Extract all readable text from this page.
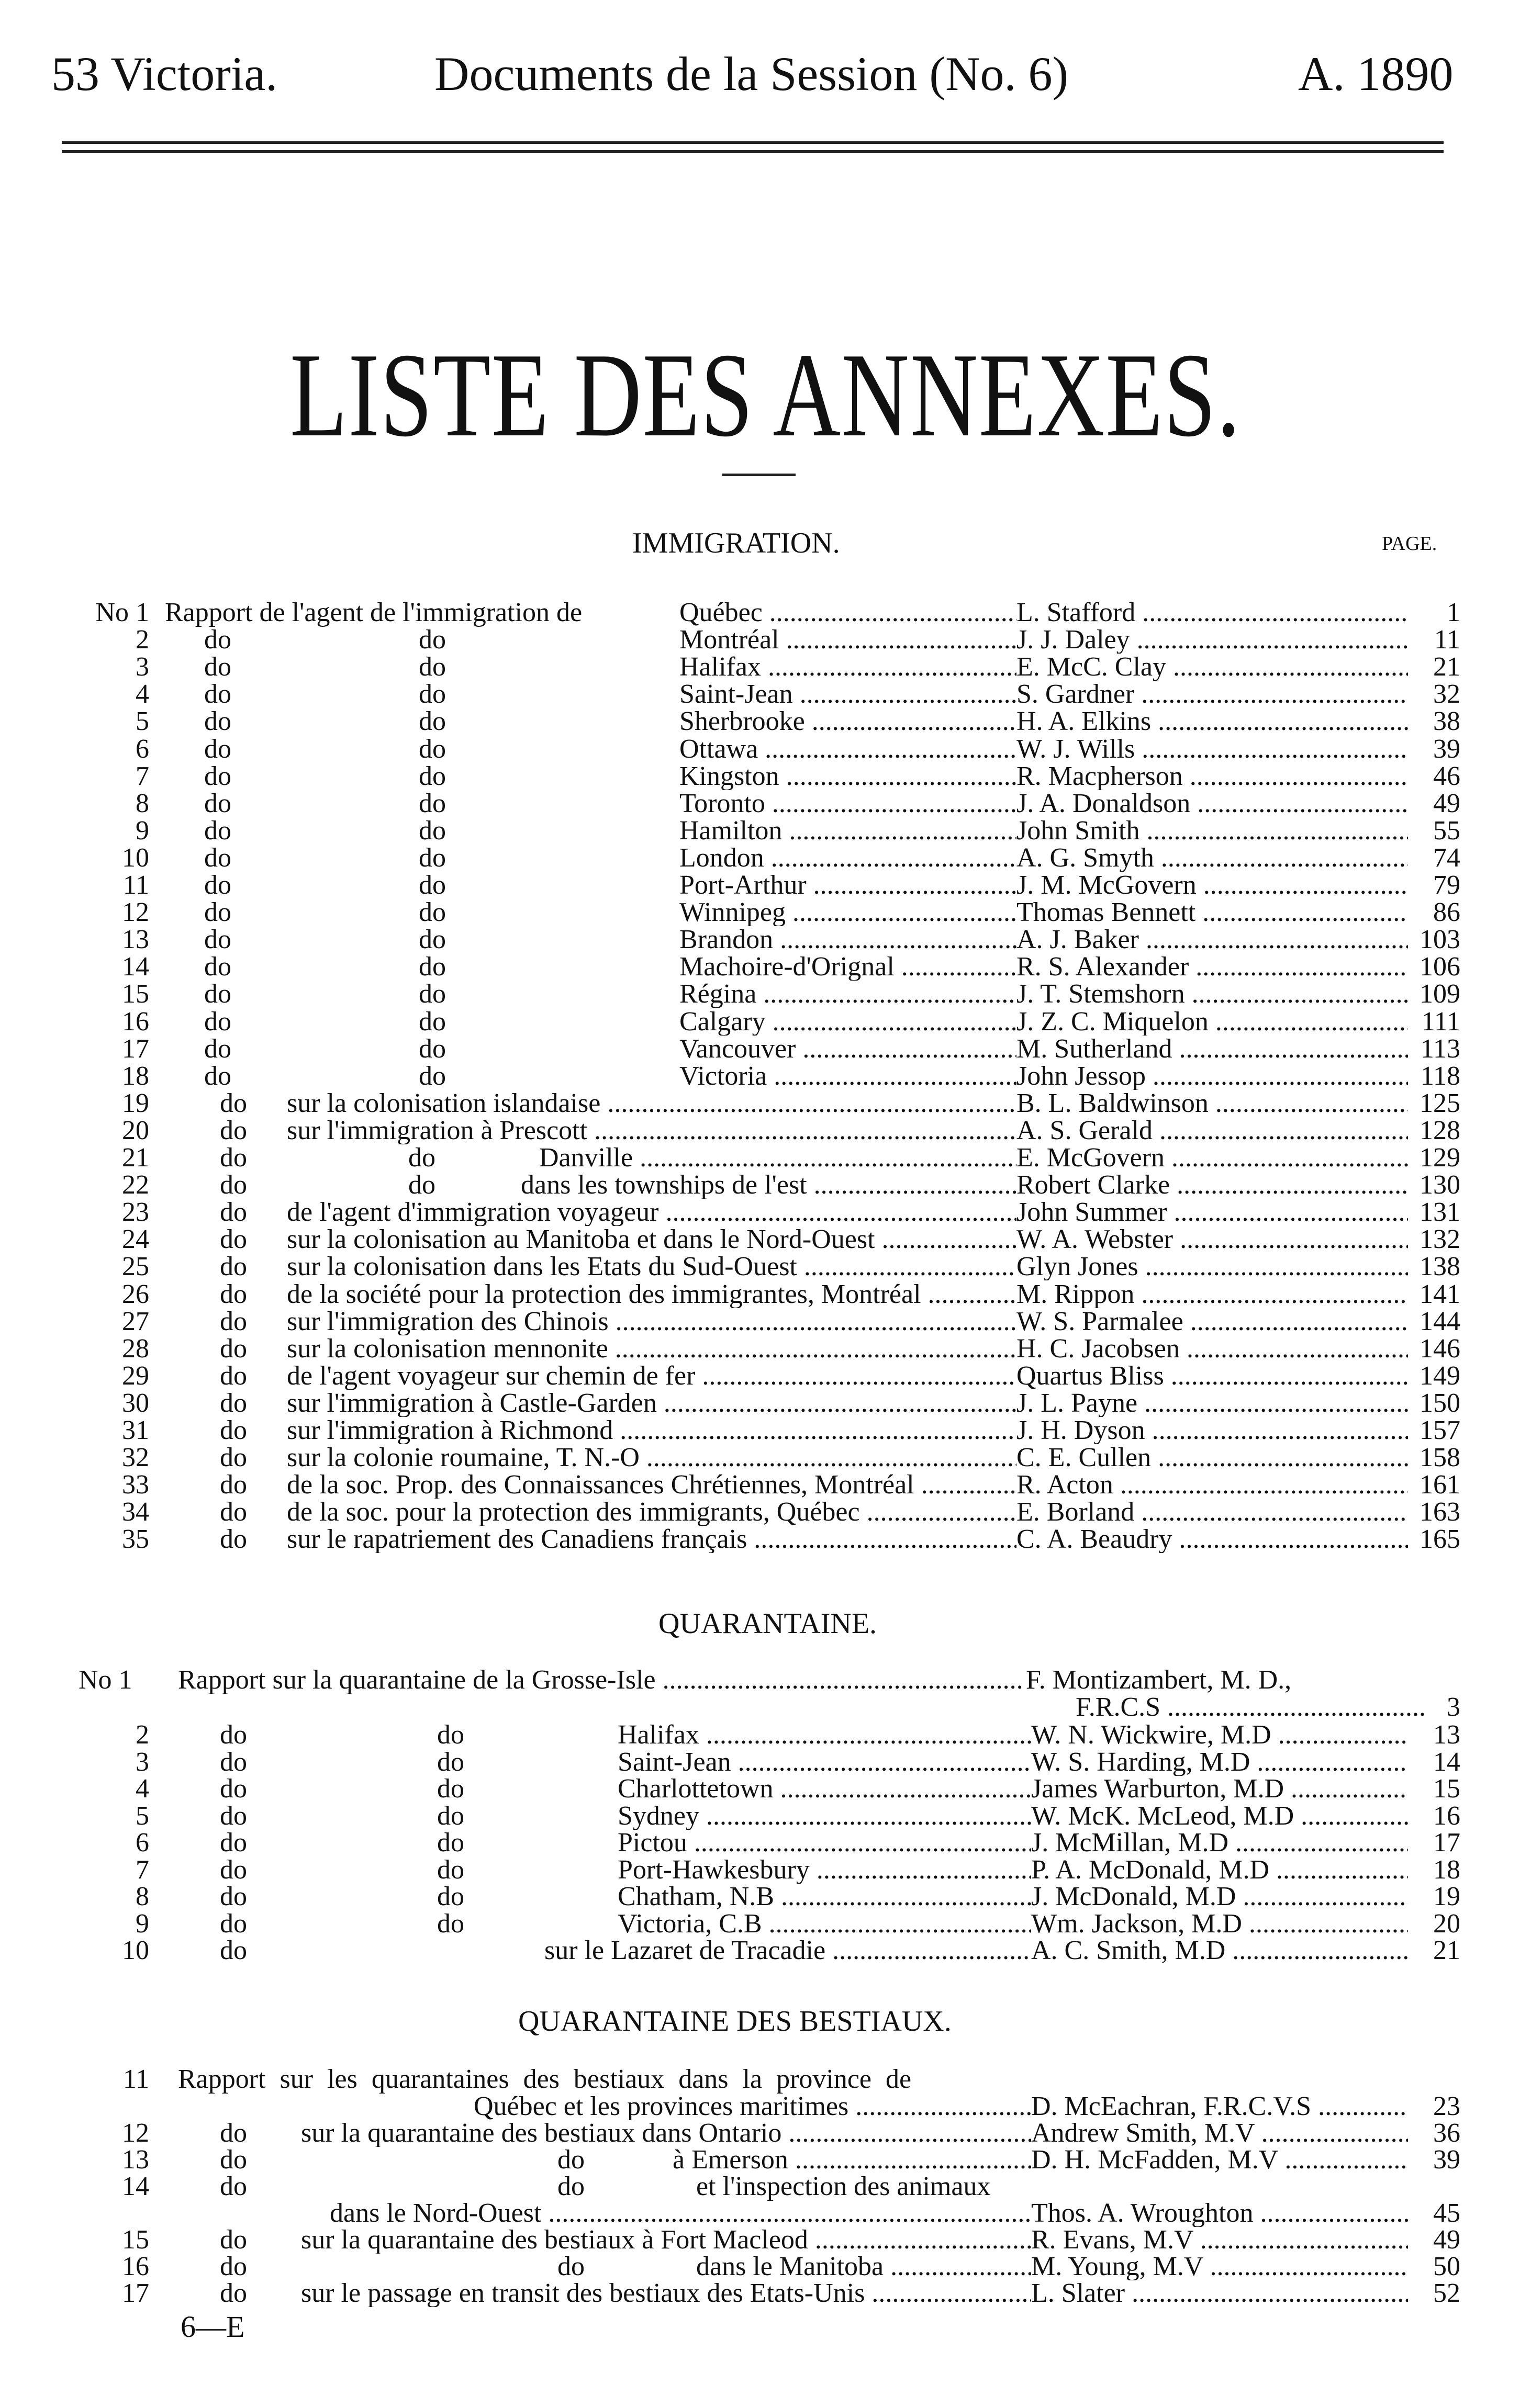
53 Victoria.	Documents de la Session (No. 6)	A. 1890
LISTE DES ANNEXES.
IMMIGRATION.	PAGE.
No 1 Rapport de l'agent de l'immigration de	Québec .....	L. Stafford .....	1
2 do	do	Montréal .....	J. J. Daley .....	11
3 do	do	Halifax .....	E. McC. Clay .....	21
4 do	do	Saint-Jean .....	S. Gardner .....	32
5 do	do	Sherbrooke .....	H. A. Elkins .....	38
6 do	do	Ottawa .....	W. J. Wills .....	39
7 do	do	Kingston .....	R. Macpherson .....	46
8 do	do	Toronto .....	J. A. Donaldson .....	49
9 do	do	Hamilton .....	John Smith .....	55
10 do	do	London .....	A. G. Smyth .....	74
11 do	do	Port-Arthur .....	J. M. McGovern .....	79
12 do	do	Winnipeg .....	Thomas Bennett .....	86
13 do	do	Brandon .....	A. J. Baker .....	103
14 do	do	Machoire-d'Orignal .....	R. S. Alexander .....	106
15 do	do	Régina .....	J. T. Stemshorn .....	109
16 do	do	Calgary .....	J. Z. C. Miquelon .....	111
17 do	do	Vancouver .....	M. Sutherland .....	113
18 do	do	Victoria .....	John Jessop .....	118
19	do sur la colonisation islandaise .....	B. L. Baldwinson .....	125
20	do sur l'immigration à Prescott .....	A. S. Gerald .....	128
21	do	do	Danville .....	E. McGovern .....	129
22	do	do	dans les townships de l'est .....	Robert Clarke .....	130
23	do de l'agent d'immigration voyageur .....	John Summer .....	131
24	do sur la colonisation au Manitoba et dans le Nord-Ouest .....	W. A. Webster .....	132
25	do sur la colonisation dans les Etats du Sud-Ouest .....	Glyn Jones .....	138
26	do de la société pour la protection des immigrantes, Montréal .....	M. Rippon .....	141
27	do sur l'immigration des Chinois .....	W. S. Parmalee .....	144
28	do sur la colonisation mennonite .....	H. C. Jacobsen .....	146
29	do de l'agent voyageur sur chemin de fer .....	Quartus Bliss .....	149
30	do sur l'immigration à Castle-Garden .....	J. L. Payne .....	150
31	do sur l'immigration à Richmond .....	J. H. Dyson .....	157
32	do sur la colonie roumaine, T. N.-O .....	C. E. Cullen .....	158
33	do de la soc. Prop. des Connaissances Chrétiennes, Montréal .....	R. Acton .....	161
34	do de la soc. pour la protection des immigrants, Québec .....	E. Borland .....	163
35	do sur le rapatriement des Canadiens français .....	C. A. Beaudry .....	165
QUARANTAINE.
No 1 Rapport sur la quarantaine de la Grosse-Isle .....	F. Montizambert, M. D.,
F.R.C.S .....	3
2	do	do	Halifax .....	W. N. Wickwire, M.D .....	13
3	do	do	Saint-Jean .....	W. S. Harding, M.D .....	14
4	do	do	Charlottetown .....	James Warburton, M.D .....	15
5	do	do	Sydney .....	W. McK. McLeod, M.D .....	16
6	do	do	Pictou .....	J. McMillan, M.D .....	17
7	do	do	Port-Hawkesbury .....	P. A. McDonald, M.D .....	18
8	do	do	Chatham, N.B .....	J. McDonald, M.D .....	19
9	do	do	Victoria, C.B .....	Wm. Jackson, M.D .....	20
10	do	sur le Lazaret de Tracadie .....	A. C. Smith, M.D .....	21
QUARANTAINE DES BESTIAUX.
11 Rapport sur les quarantaines des bestiaux dans la province de
Québec et les provinces maritimes .....	D. McEachran, F.R.C.V.S .....	23
12	do sur la quarantaine des bestiaux dans Ontario .....	Andrew Smith, M.V .....	36
13	do	do	à Emerson .....	D. H. McFadden, M.V .....	39
14	do	do	et l'inspection des animaux
dans le Nord-Ouest .....	Thos. A. Wroughton .....	45
15	do sur la quarantaine des bestiaux à Fort Macleod .....	R. Evans, M.V .....	49
16	do	do	dans le Manitoba .....	M. Young, M.V .....	50
17	do sur le passage en transit des bestiaux des Etats-Unis .....	L. Slater .....	52
6—E
